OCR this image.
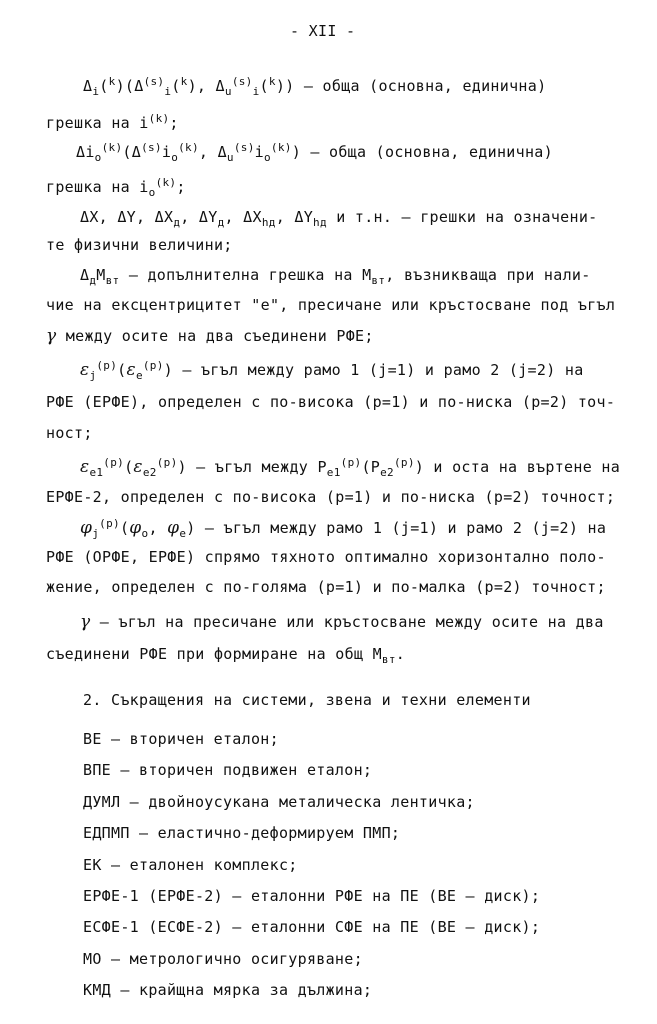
- XII -
$\Delta_i(^k)(\Delta^{(s)}_i(^k)$, $\Delta_u^{(s)}_i(^k)$) – обща (основна, единична)
грешка на $i^{(k)}$;
$\Delta i_o^{(k)}(\Delta^{(s)}i_o^{(k)}$, $\Delta_u^{(s)}i_o^{(k)}$) – обща (основна, единична)
грешка на $i_o^{(k)}$;
ΔX, ΔY, $\Delta X_д$, $\Delta Y_д$, $\Delta X_{hд}$, $\Delta Y_{hд}$ и т.н. – грешки на означени-
те физични величини;
$\Delta_дM_{вт}$ – допълнителна грешка на $M_{вт}$, възникваща при нали-
чие на ексцентрицитет "е", пресичане или кръстосване под ъгъл
γ между осите на два съединени РФЕ;
$\varepsilon_j^{(p)}(\varepsilon_e^{(p)})$ – ъгъл между рамо 1 (j=1) и рамо 2 (j=2) на
РФЕ (ЕРФЕ), определен с по-висока (p=1) и по-ниска (p=2) точ-
ност;
$\varepsilon_{e1}^{(p)}(\varepsilon_{e2}^{(p)})$ – ъгъл между $P_{e1}^{(p)}(P_{e2}^{(p)})$ и оста на въртене на
ЕРФЕ-2, определен с по-висока (p=1) и по-ниска (p=2) точност;
$\varphi_j^{(p)}(\varphi_o$, $\varphi_e$) – ъгъл между рамо 1 (j=1) и рамо 2 (j=2) на
РФЕ (ОРФЕ, ЕРФЕ) спрямо тяхното оптимално хоризонтално поло-
жение, определен с по-голяма (p=1) и по-малка (p=2) точност;
γ – ъгъл на пресичане или кръстосване между осите на два
съединени РФЕ при формиране на общ $M_{вт}$.
2. Съкращения на системи, звена и техни елементи
ВЕ – вторичен еталон;
ВПЕ – вторичен подвижен еталон;
ДУМЛ – двойноусукана металическа лентичка;
ЕДПМП – еластично-деформируем ПМП;
ЕК – еталонен комплекс;
ЕРФЕ-1 (ЕРФЕ-2) – еталонни РФЕ на ПЕ (ВЕ – диск);
ЕСФЕ-1 (ЕСФЕ-2) – еталонни СФЕ на ПЕ (ВЕ – диск);
МО – метрологично осигуряване;
КМД – крайщна мярка за дължина;
